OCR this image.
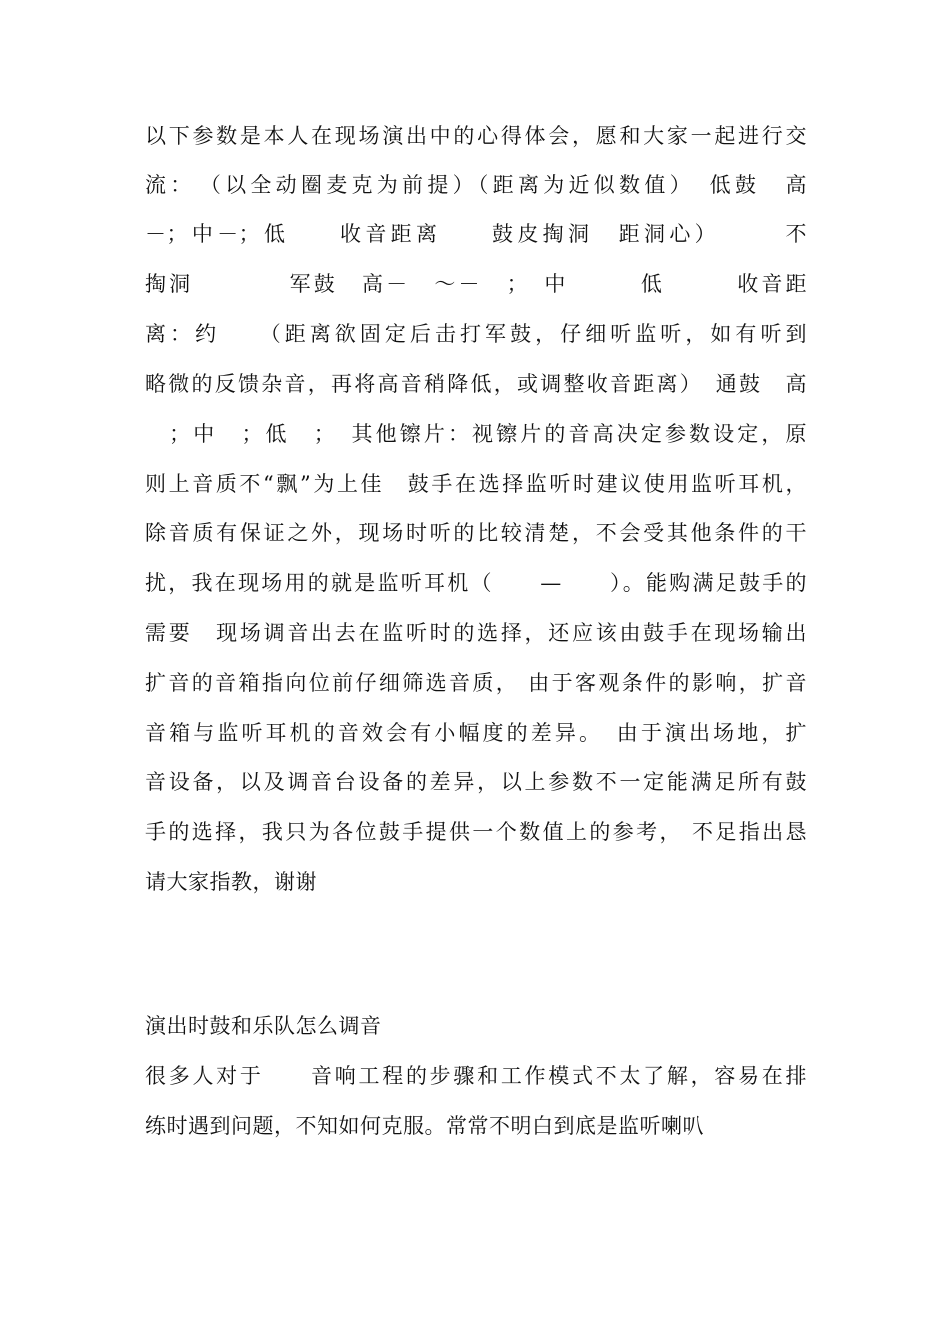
以下参数是本人在现场演出中的心得体会，愿和大家一起进行交
流：　（以全动圈麦克为前提）（距离为近似数值）　低鼓　高
－；中－；低　　收音距离　　鼓皮掏洞　距洞心）　　　不
掏洞　　　　军鼓　高－　～－　；　中　　　低　　　收音距
离：约　　（距离欲固定后击打军鼓，仔细听监听，如有听到
略微的反馈杂音，再将高音稍降低，或调整收音距离）　通鼓　高
　；中　；低　；　其他镲片：视镲片的音高决定参数设定，原
则上音质不“飘”为上佳　鼓手在选择监听时建议使用监听耳机，
除音质有保证之外，现场时听的比较清楚，不会受其他条件的干
扰，我在现场用的就是监听耳机（　　—　　）。能购满足鼓手的
需要　现场调音出去在监听时的选择，还应该由鼓手在现场输出
扩音的音箱指向位前仔细筛选音质， 由于客观条件的影响，扩音
音箱与监听耳机的音效会有小幅度的差异。　由于演出场地，扩
音设备，以及调音台设备的差异，以上参数不一定能满足所有鼓
手的选择，我只为各位鼓手提供一个数值上的参考， 不足指出恳
请大家指教，谢谢
演出时鼓和乐队怎么调音
很多人对于　　音响工程的步骤和工作模式不太了解，容易在排
练时遇到问题，不知如何克服。常常不明白到底是监听喇叭
